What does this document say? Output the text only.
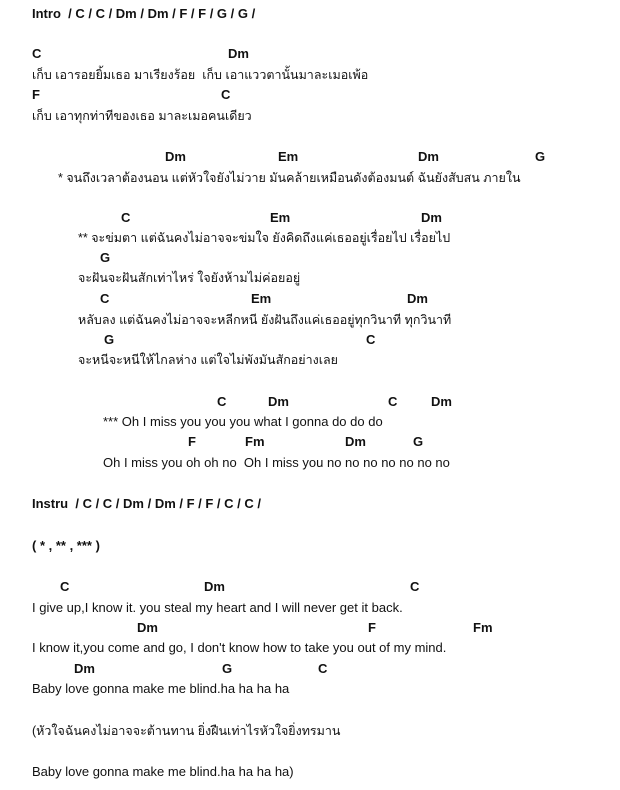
Intro / C / C / Dm / Dm / F / F / G / G /
C	Dm
เก็บ เอารอยยิ้มเธอ มาเรียงร้อย  เก็บ เอาแววตานั้นมาละเมอเพ้อ
F	C
เก็บ เอาทุกท่าทีของเธอ มาละเมอคนเดียว
Dm	Em	Dm	G
* จนถึงเวลาต้องนอน แต่หัวใจยังไม่วาย มันคล้ายเหมือนดังต้องมนต์ ฉันยังสับสน ภายใน
C	Em	Dm
** จะข่มตา แต่ฉันคงไม่อาจจะข่มใจ ยังคิดถึงแค่เธออยู่เรื่อยไป เรื่อยไป
G
จะฝันจะฝันสักเท่าไหร่ ใจยังห้ามไม่ค่อยอยู่
C	Em	Dm
หลับลง แต่ฉันคงไม่อาจจะหลีกหนี ยังฝันถึงแค่เธออยู่ทุกวินาที ทุกวินาที
G	C
จะหนีจะหนีให้ไกลห่าง แต่ใจไม่พังมันสักอย่างเลย
C	Dm	C	Dm
*** Oh I miss you you you what I gonna do do do
F	Fm	Dm	G
Oh I miss you oh oh no  Oh I miss you no no no no no no no
Instru / C / C / Dm / Dm / F / F / C / C /
( * , ** , *** )
C	Dm	C
I give up,I know it. you steal my heart and I will never get it back.
Dm	F	Fm
I know it,you come and go, I don't know how to take you out of my mind.
Dm	G	C
Baby love gonna make me blind.ha ha ha ha
(หัวใจฉันคงไม่อาจจะต้านทาน ยิ่งฝืนเท่าไรหัวใจยิ่งทรมาน
Baby love gonna make me blind.ha ha ha ha)
